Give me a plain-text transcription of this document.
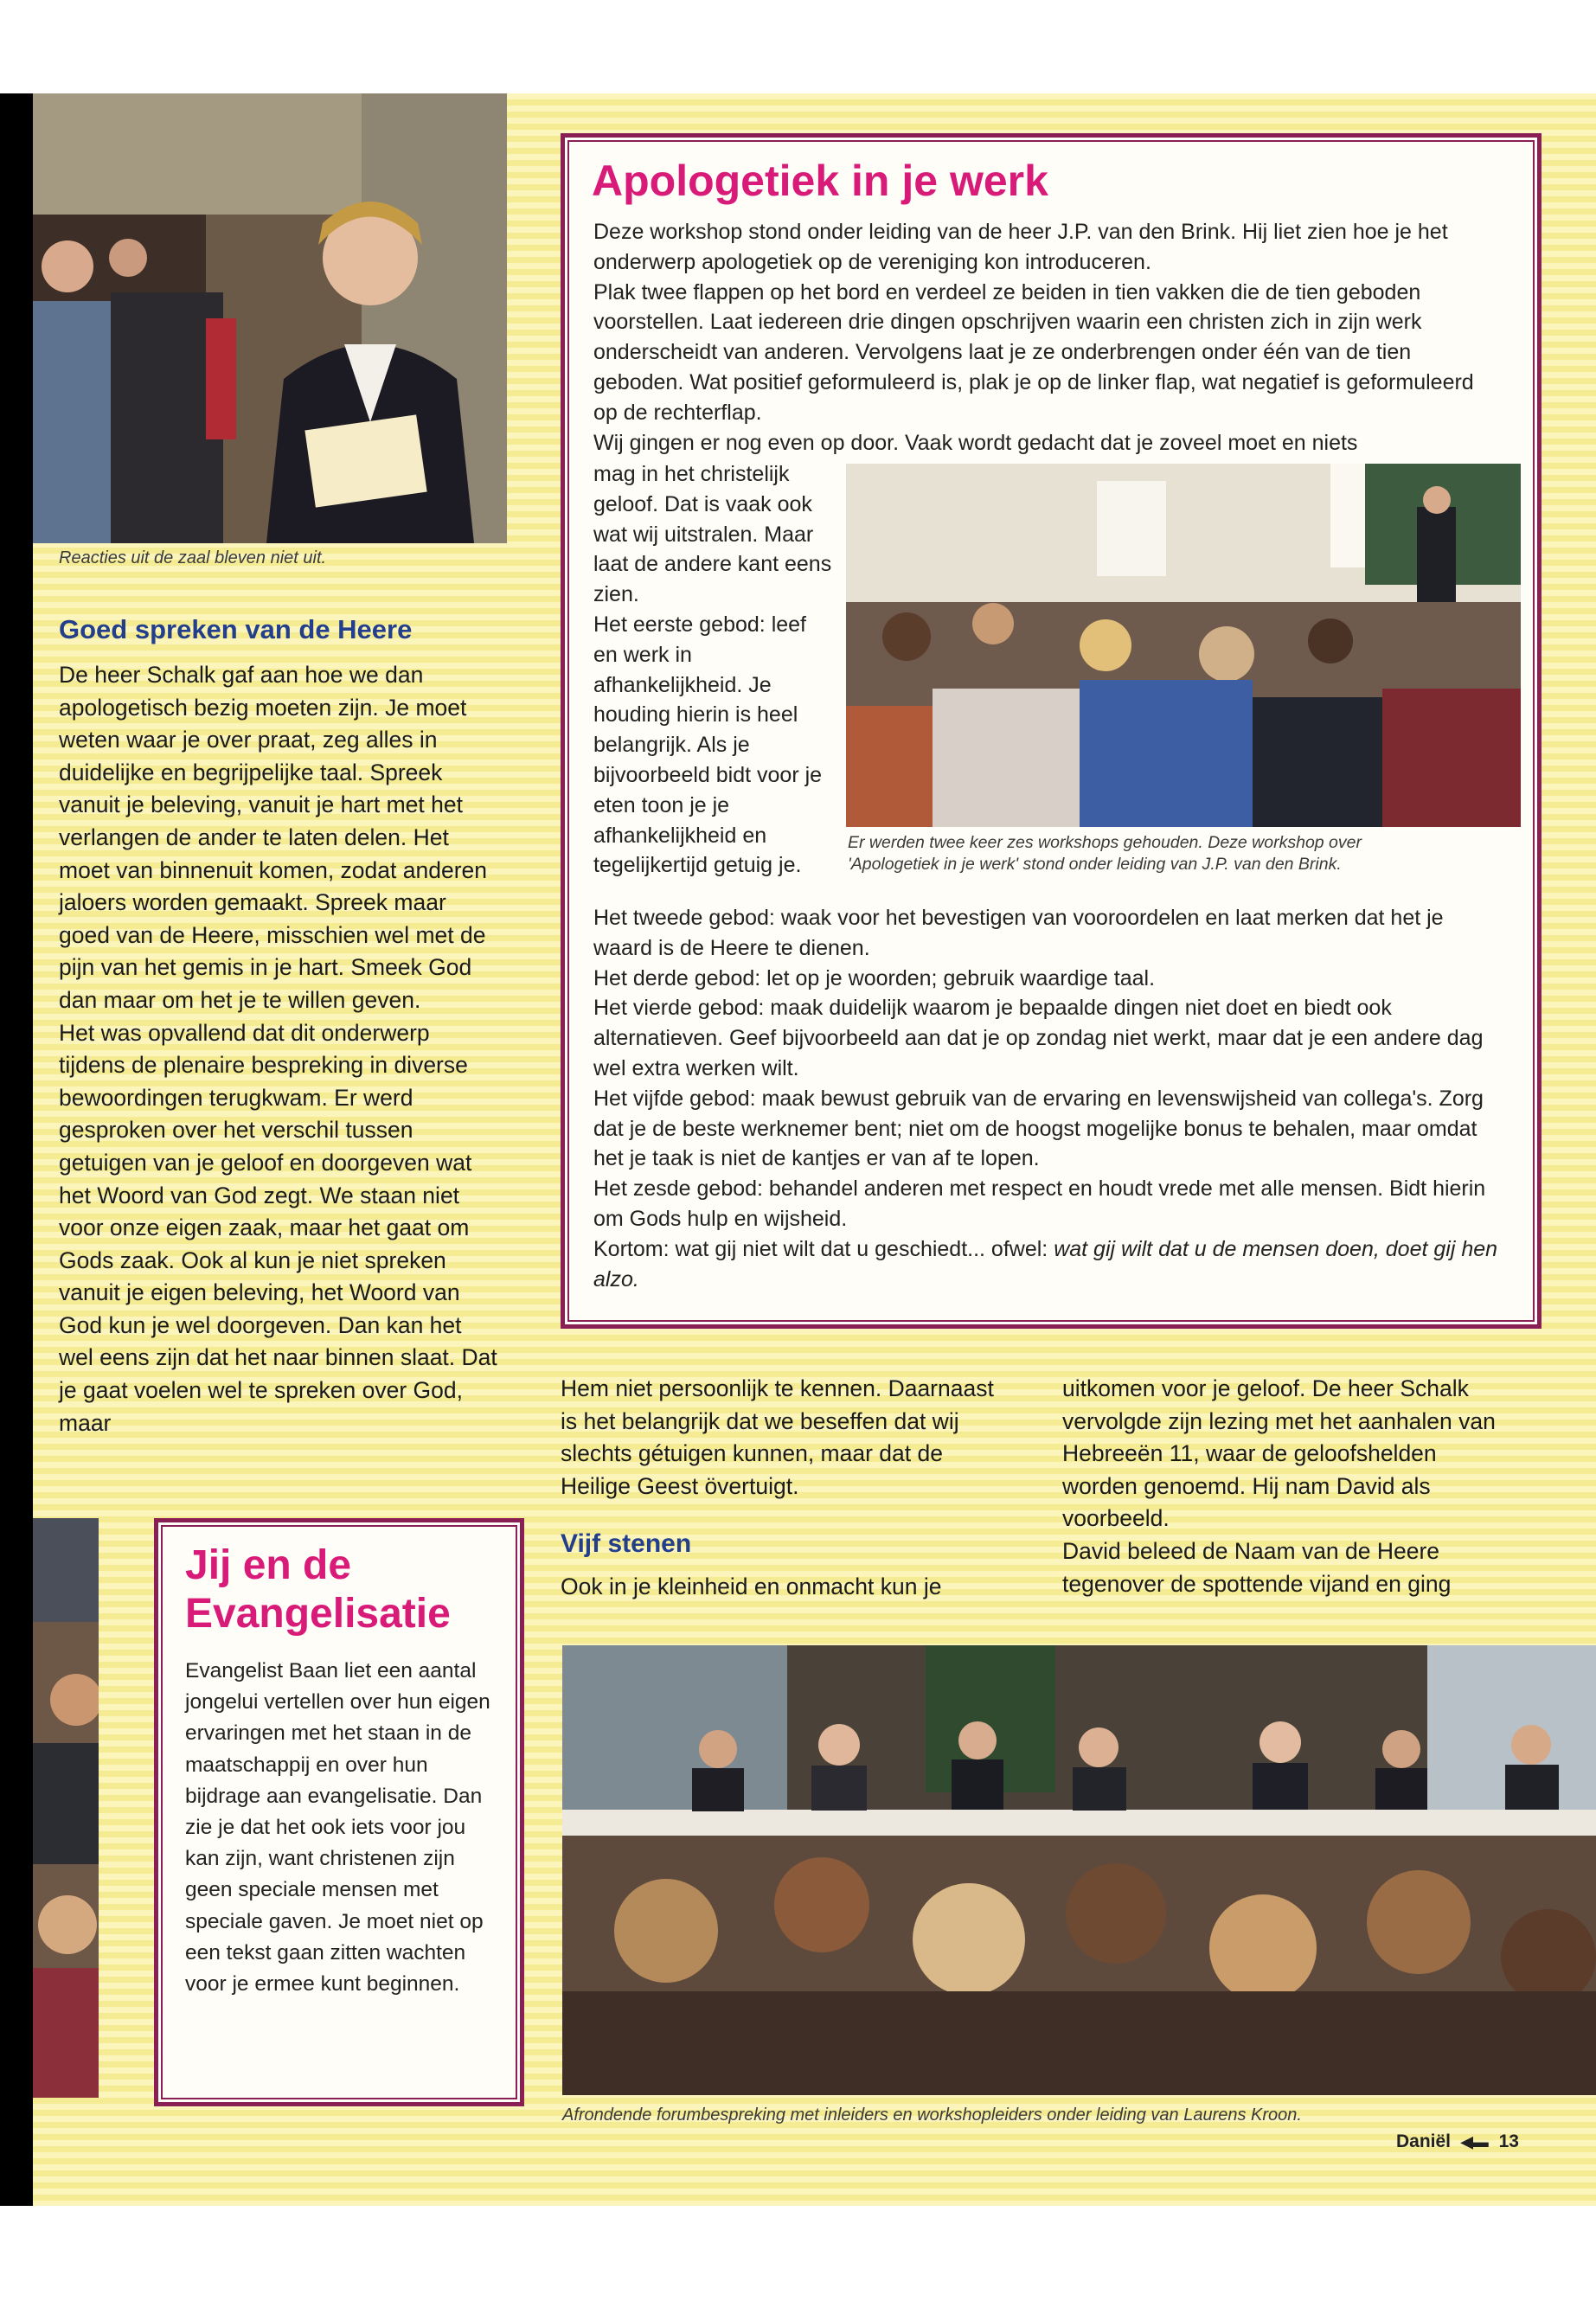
Reacties uit de zaal bleven niet uit.
Goed spreken van de Heere

De heer Schalk gaf aan hoe we dan apologetisch bezig moeten zijn. Je moet weten waar je over praat, zeg alles in duidelijke en begrijpelijke taal. Spreek vanuit je beleving, vanuit je hart met het verlangen de ander te laten delen. Het moet van binnenuit komen, zodat anderen jaloers worden gemaakt. Spreek maar goed van de Heere, misschien wel met de pijn van het gemis in je hart. Smeek God dan maar om het je te willen geven.

Het was opvallend dat dit onderwerp tijdens de plenaire bespreking in diverse bewoordingen terugkwam. Er werd gesproken over het verschil tussen getuigen van je geloof en doorgeven wat het Woord van God zegt. We staan niet voor onze eigen zaak, maar het gaat om Gods zaak. Ook al kun je niet spreken vanuit je eigen beleving, het Woord van God kun je wel doorgeven. Dan kan het wel eens zijn dat het naar binnen slaat. Dat je gaat voelen wel te spreken over God, maar

Apologetiek in je werk

Deze workshop stond onder leiding van de heer J.P. van den Brink. Hij liet zien hoe je het onderwerp apologetiek op de vereniging kon introduceren.

Plak twee flappen op het bord en verdeel ze beiden in tien vakken die de tien geboden voorstellen. Laat iedereen drie dingen opschrijven waarin een christen zich in zijn werk onderscheidt van anderen. Vervolgens laat je ze onderbrengen onder één van de tien geboden. Wat positief geformuleerd is, plak je op de linker flap, wat negatief is geformuleerd op de rechterflap.

Wij gingen er nog even op door. Vaak wordt gedacht dat je zoveel moet en niets

mag in het christelijk geloof. Dat is vaak ook wat wij uitstralen. Maar laat de andere kant eens zien.

Het eerste gebod: leef en werk in afhankelijkheid. Je houding hierin is heel belangrijk. Als je bijvoorbeeld bidt voor je eten toon je je afhankelijkheid en tegelijkertijd getuig je.

Er werden twee keer zes workshops gehouden. Deze workshop over
'Apologetiek in je werk' stond onder leiding van J.P. van den Brink.

Het tweede gebod: waak voor het bevestigen van vooroordelen en laat merken dat het je waard is de Heere te dienen.

Het derde gebod: let op je woorden; gebruik waardige taal.

Het vierde gebod: maak duidelijk waarom je bepaalde dingen niet doet en biedt ook alternatieven. Geef bijvoorbeeld aan dat je op zondag niet werkt, maar dat je een andere dag wel extra werken wilt.

Het vijfde gebod: maak bewust gebruik van de ervaring en levenswijsheid van collega's. Zorg dat je de beste werknemer bent; niet om de hoogst mogelijke bonus te behalen, maar omdat het je taak is niet de kantjes er van af te lopen.

Het zesde gebod: behandel anderen met respect en houdt vrede met alle mensen. Bidt hierin om Gods hulp en wijsheid.

Kortom: wat gij niet wilt dat u geschiedt... ofwel: wat gij wilt dat u de mensen doen, doet gij hen alzo.

Hem niet persoonlijk te kennen. Daarnaast is het belangrijk dat we beseffen dat wij slechts gétuigen kunnen, maar dat de Heilige Geest övertuigt.

Vijf stenen

Ook in je kleinheid en onmacht kun je

uitkomen voor je geloof. De heer Schalk vervolgde zijn lezing met het aanhalen van Hebreeën 11, waar de geloofshelden worden genoemd. Hij nam David als voorbeeld.

David beleed de Naam van de Heere tegenover de spottende vijand en ging

Jij en de
Evangelisatie

Evangelist Baan liet een aantal jongelui vertellen over hun eigen ervaringen met het staan in de maatschappij en over hun bijdrage aan evangelisatie. Dan zie je dat het ook iets voor jou kan zijn, want christenen zijn geen speciale mensen met speciale gaven. Je moet niet op een tekst gaan zitten wachten voor je ermee kunt beginnen.

Afrondende forumbespreking met inleiders en workshopleiders onder leiding van Laurens Kroon.
Daniël ◀▬ 13
